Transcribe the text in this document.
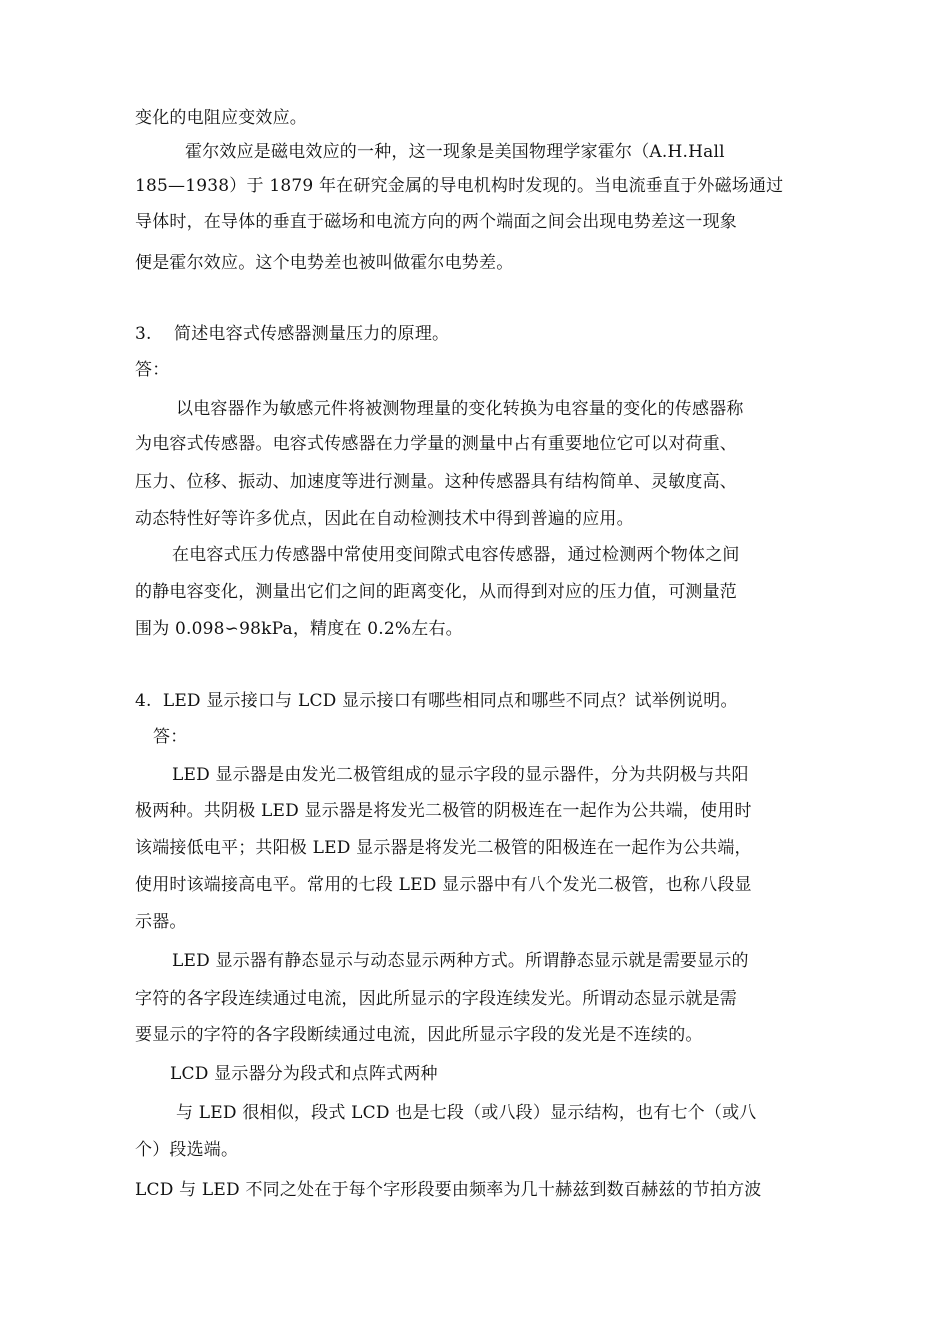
变化的电阻应变效应。
霍尔效应是磁电效应的一种，这一现象是美国物理学家霍尔（A.H.Hall
185—1938）于 1879 年在研究金属的导电机构时发现的。当电流垂直于外磁场通过
导体时，在导体的垂直于磁场和电流方向的两个端面之间会出现电势差这一现象
便是霍尔效应。这个电势差也被叫做霍尔电势差。
3.    简述电容式传感器测量压力的原理。
答：
以电容器作为敏感元件将被测物理量的变化转换为电容量的变化的传感器称
为电容式传感器。电容式传感器在力学量的测量中占有重要地位它可以对荷重、
压力、位移、振动、加速度等进行测量。这种传感器具有结构简单、灵敏度高、
动态特性好等许多优点，因此在自动检测技术中得到普遍的应用。
在电容式压力传感器中常使用变间隙式电容传感器，通过检测两个物体之间
的静电容变化，测量出它们之间的距离变化，从而得到对应的压力值，可测量范
围为 0.098∽98kPa，精度在 0.2%左右。
4.  LED 显示接口与 LCD 显示接口有哪些相同点和哪些不同点？试举例说明。
答：
LED 显示器是由发光二极管组成的显示字段的显示器件，分为共阴极与共阳
极两种。共阴极 LED 显示器是将发光二极管的阴极连在一起作为公共端，使用时
该端接低电平；共阳极 LED 显示器是将发光二极管的阳极连在一起作为公共端，
使用时该端接高电平。常用的七段 LED 显示器中有八个发光二极管，也称八段显
示器。
LED 显示器有静态显示与动态显示两种方式。所谓静态显示就是需要显示的
字符的各字段连续通过电流，因此所显示的字段连续发光。所谓动态显示就是需
要显示的字符的各字段断续通过电流，因此所显示字段的发光是不连续的。
LCD 显示器分为段式和点阵式两种
与 LED 很相似，段式 LCD 也是七段（或八段）显示结构，也有七个（或八
个）段选端。
LCD 与 LED 不同之处在于每个字形段要由频率为几十赫兹到数百赫兹的节拍方波
